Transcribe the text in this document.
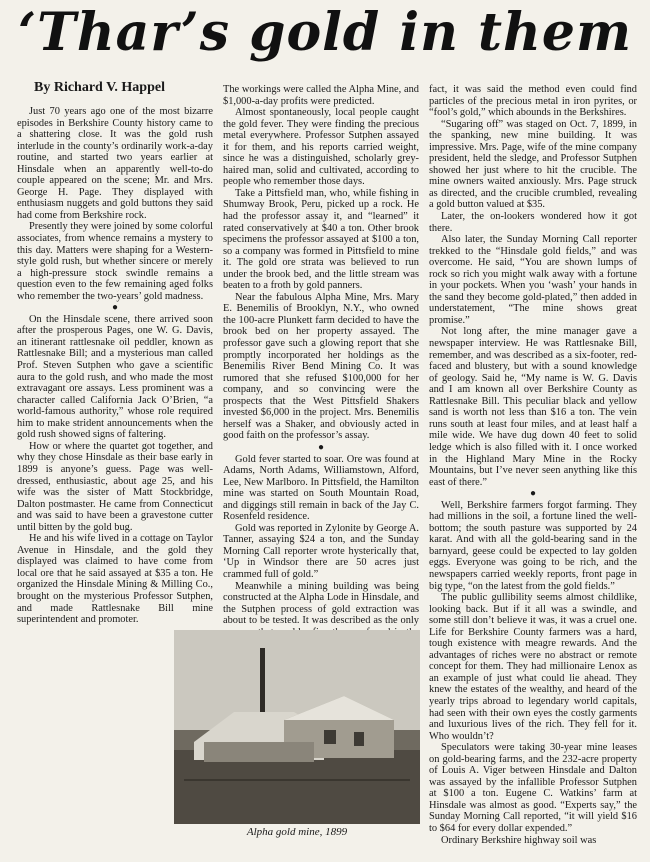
‘Thar’s gold in them
By Richard V. Happel

Just 70 years ago one of the most bizarre episodes in Berkshire County history came to a shattering close. It was the gold rush interlude in the county’s ordinarily work-a-day routine, and started two years earlier at Hinsdale when an apparently well-to-do couple appeared on the scene; Mr. and Mrs. George H. Page. They displayed with enthusiasm nuggets and gold buttons they said had come from Berkshire rock.

Presently they were joined by some colorful associates, from whence remains a mystery to this day. Matters were shaping for a Western-style gold rush, but whether sincere or merely a high-pressure stock swindle remains a question even to the few remaining aged folks who remember the two-years’ gold madness.

●

On the Hinsdale scene, there arrived soon after the prosperous Pages, one W. G. Davis, an itinerant rattlesnake oil peddler, known as Rattlesnake Bill; and a mysterious man called Prof. Steven Sutphen who gave a scientific aura to the gold rush, and who made the most extravagant ore assays. Less prominent was a character called California Jack O’Brien, “a world-famous authority,” whose role required him to make strident announcements when the gold rush showed signs of faltering.

How or where the quartet got together, and why they chose Hinsdale as their base early in 1899 is anyone’s guess. Page was well-dressed, enthusiastic, about age 25, and his wife was the sister of Matt Stockbridge, Dalton postmaster. He came from Connecticut and was said to have been a gravestone cutter until bitten by the gold bug.

He and his wife lived in a cottage on Taylor Avenue in Hinsdale, and the gold they displayed was claimed to have come from local ore that he said assayed at $35 a ton. He organized the Hinsdale Mining & Milling Co., brought on the mysterious Professor Sutphen, and made Rattlesnake Bill mine superintendent and promoter.

The workings were called the Alpha Mine, and $1,000-a-day profits were predicted.

Almost spontaneously, local people caught the gold fever. They were finding the precious metal everywhere. Professor Sutphen assayed it for them, and his reports carried weight, since he was a distinguished, scholarly grey-haired man, solid and cultivated, according to people who remember those days.

Take a Pittsfield man, who, while fishing in Shumway Brook, Peru, picked up a rock. He had the professor assay it, and “learned” it rated conservatively at $40 a ton. Other brook specimens the professor assayed at $100 a ton, so a company was formed in Pittsfield to mine it. The gold ore strata was believed to run under the brook bed, and the little stream was beaten to a froth by gold panners.

Near the fabulous Alpha Mine, Mrs. Mary E. Benemilis of Brooklyn, N.Y., who owned the 100-acre Plunkett farm decided to have the brook bed on her property assayed. The professor gave such a glowing report that she promptly incorporated her holdings as the Benemilis River Bend Mining Co. It was rumored that she refused $100,000 for her company, and so convincing were the prospects that the West Pittsfield Shakers invested $6,000 in the project. Mrs. Benemilis herself was a Shaker, and obviously acted in good faith on the professor’s assay.

●

Gold fever started to soar. Ore was found at Adams, North Adams, Williamstown, Alford, Lee, New Marlboro. In Pittsfield, the Hamilton mine was started on South Mountain Road, and diggings still remain in back of the Jay C. Rosenfeld residence.

Gold was reported in Zylonite by George A. Tanner, assaying $24 a ton, and the Sunday Morning Call reporter wrote hysterically that, ‘Up in Windsor there are 50 acres just crammed full of gold.”

Meanwhile a mining building was being constructed at the Alpha Lode in Hinsdale, and the Sutphen process of gold extraction was about to be tested. It was described as the only

fact, it was said the method even could find particles of the precious metal in iron pyrites, or “fool’s gold,” which abounds in the Berkshires.

“Sugaring off” was staged on Oct. 7, 1899, in the spanking, new mine building. It was impressive. Mrs. Page, wife of the mine company president, held the sledge, and Professor Sutphen showed her just where to hit the crucible. The mine owners waited anxiously. Mrs. Page struck as directed, and the crucible crumbled, revealing a gold button valued at $35.

Later, the on-lookers wondered how it got there.

Also later, the Sunday Morning Call reporter trekked to the “Hinsdale gold fields,” and was overcome. He said, “You are shown lumps of rock so rich you might walk away with a fortune in your pockets. When you ‘wash’ your hands in the sand they become gold-plated,” then added in understatement, “The mine shows great promise.”

Not long after, the mine manager gave a newspaper interview. He was Rattlesnake Bill, remember, and was described as a six-footer, red-faced and blustery, but with a sound knowledge of geology. Said he, “My name is W. G. Davis and I am known all over Berkshire County as Rattlesnake Bill. This peculiar black and yellow sand is worth not less than $16 a ton. The vein runs south at least four miles, and at least half a mile wide. We have dug down 40 feet to solid ledge which is also filled with it. I once worked in the Highland Mary Mine in the Rocky Mountains, but I’ve never seen anything like this east of there.”

●

Well, Berkshire farmers forgot farming. They had millions in the soil, a fortune lined the well-bottom; the south pasture was supported by 24 karat. And with all the gold-bearing sand in the barnyard, geese could be expected to lay golden eggs. Everyone was going to be rich, and the newspapers carried weekly reports, front page in big type, “on the latest from the gold fields.”

The public gullibility seems almost childlike, looking back. But if it all was a swindle, and some still don’t believe it was, it was a cruel one. Life for Berkshire County farmers was a hard, tough existence with meagre rewards. And the advantages of riches were no abstract or remote concept for them. They had millionaire Lenox as an example of just what could lie ahead. They knew the estates of the wealthy, and heard of the yearly trips abroad to legendary world capitals, had seen with their own eyes the costly garments and luxurious lives of the rich. They fell for it. Who wouldn’t?

Speculators were taking 30-year mine leases on gold-bearing farms, and the 232-acre property of Louis A. Viger between Hinsdale and Dalton was assayed by the infallible Professor Sutphen at $100 a ton. Eugene C. Watkins’ farm at Hinsdale was almost as good. “Experts say,” the Sunday Morning Call reported, “it will yield $16 to $64 for every dollar expended.”

Ordinary Berkshire highway soil was

Alpha gold mine, 1899
